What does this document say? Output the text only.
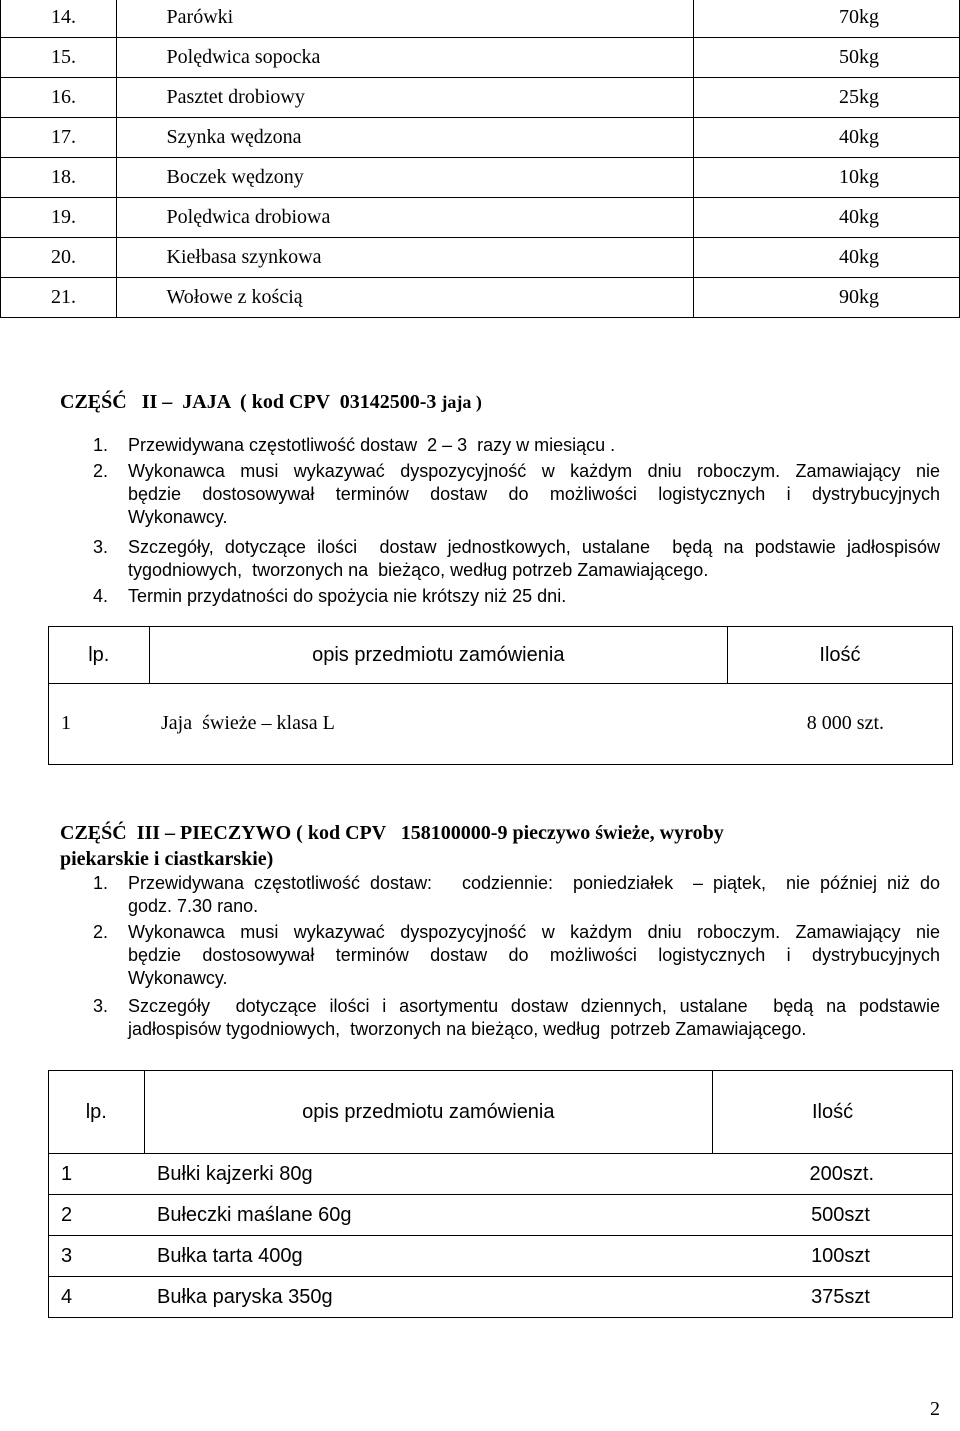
14.	Parówki	70kg
15.	Polędwica sopocka	50kg
16.	Pasztet drobiowy	25kg
17.	Szynka wędzona	40kg
18.	Boczek wędzony	10kg
19.	Polędwica drobiowa	40kg
20.	Kiełbasa szynkowa	40kg
21.	Wołowe z kością	90kg
CZĘŚĆ   II –  JAJA  ( kod CPV  03142500-3 jaja )
1. Przewidywana częstotliwość dostaw  2 – 3  razy w miesiącu .
2. Wykonawca musi wykazywać dyspozycyjność w każdym dniu roboczym. Zamawiający nie
będzie dostosowywał terminów dostaw do możliwości logistycznych i dystrybucyjnych
Wykonawcy.
3. Szczegóły, dotyczące ilości  dostaw jednostkowych, ustalane  będą na podstawie jadłospisów
tygodniowych,  tworzonych na  bieżąco, według potrzeb Zamawiającego.
4. Termin przydatności do spożycia nie krótszy niż 25 dni.
lp.	opis przedmiotu zamówienia	Ilość

1	Jaja  świeże – klasa L	8 000 szt.
CZĘŚĆ  III – PIECZYWO ( kod CPV   158100000-9 pieczywo świeże, wyroby
piekarskie i ciastkarskie)
1. Przewidywana częstotliwość dostaw:   codziennie:  poniedziałek  – piątek,  nie później niż do
godz. 7.30 rano.
2. Wykonawca musi wykazywać dyspozycyjność w każdym dniu roboczym. Zamawiający nie
będzie dostosowywał terminów dostaw do możliwości logistycznych i dystrybucyjnych
Wykonawcy.
3. Szczegóły  dotyczące ilości i asortymentu dostaw dziennych, ustalane  będą na podstawie
jadłospisów tygodniowych,  tworzonych na bieżąco, według  potrzeb Zamawiającego.
lp.	opis przedmiotu zamówienia	Ilość

1	Bułki kajzerki 80g	200szt.

2	Bułeczki maślane 60g	500szt

3	Bułka tarta 400g	100szt

4	Bułka paryska 350g	375szt
2
